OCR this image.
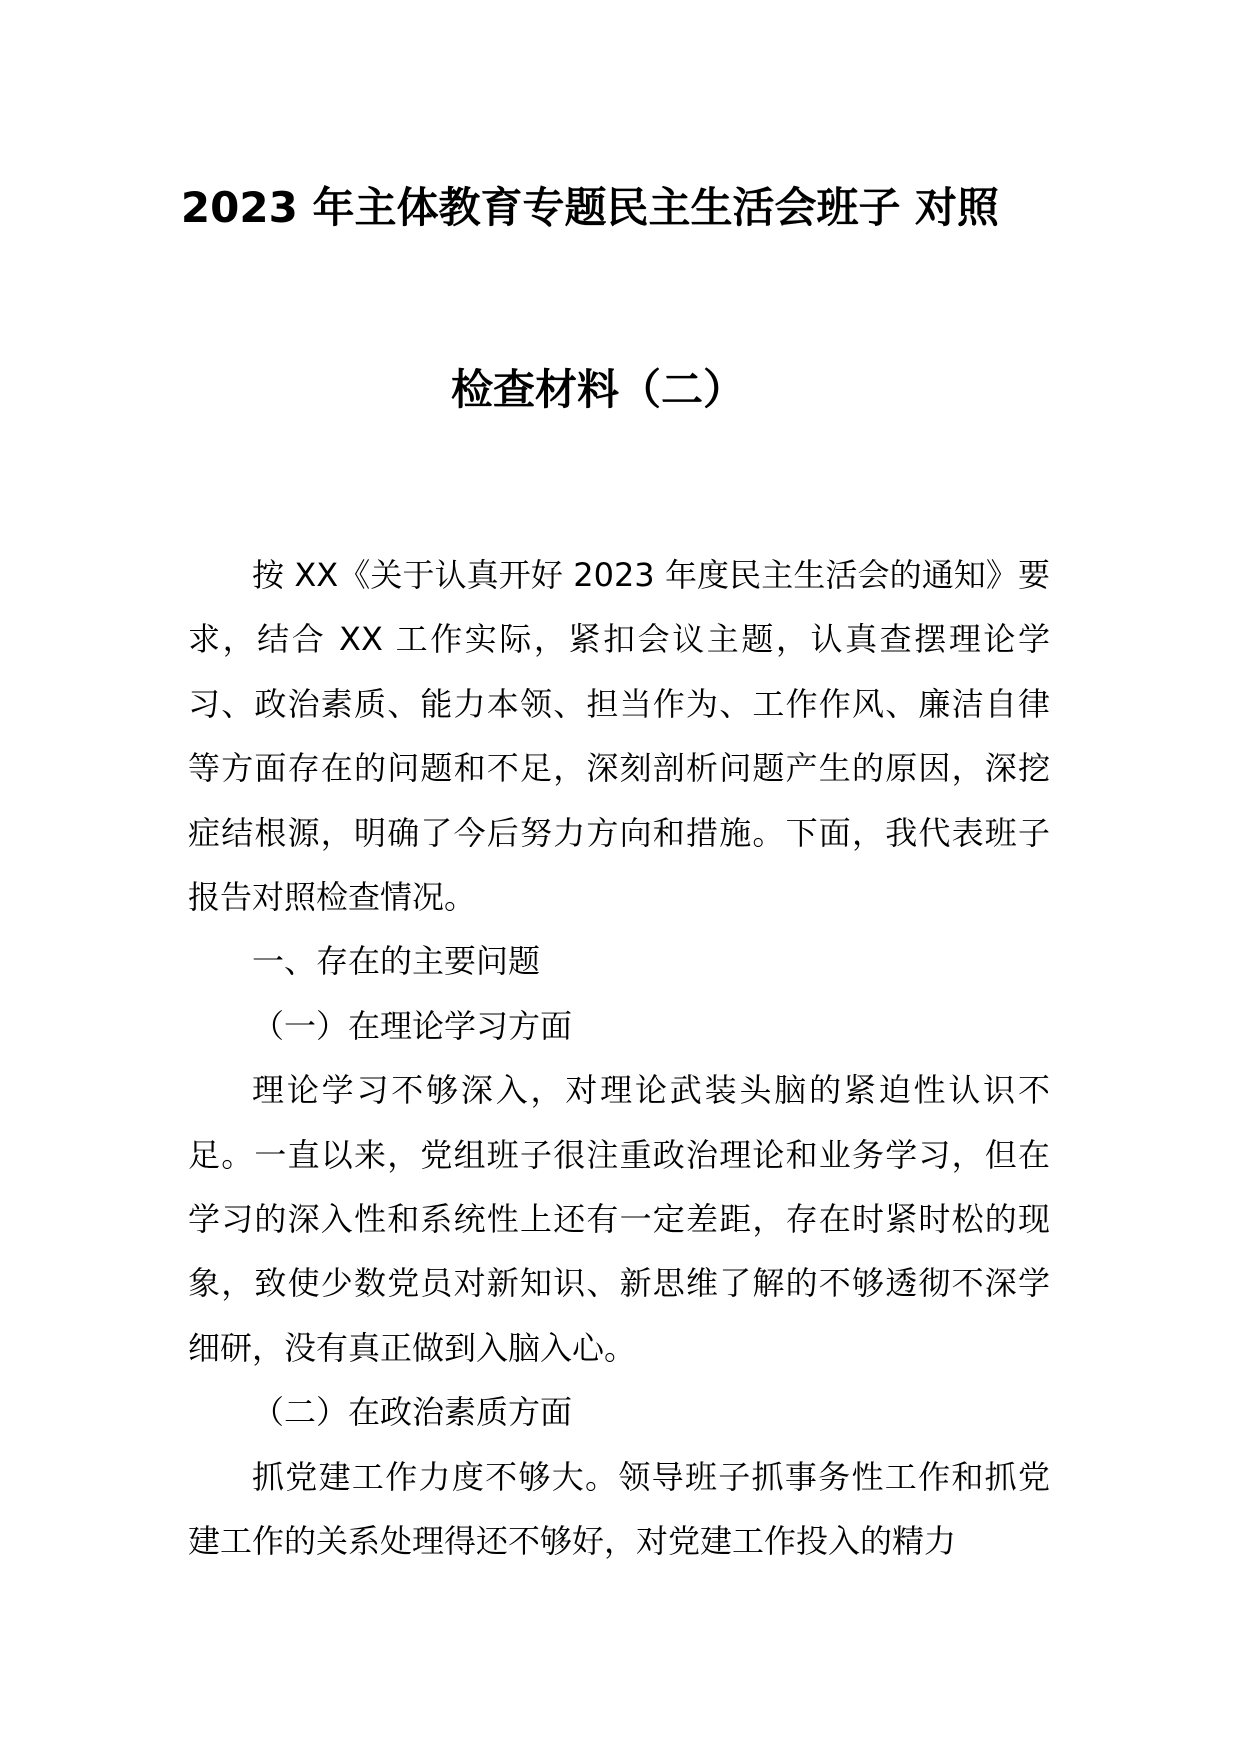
2023 年主体教育专题民主生活会班子 对照
检查材料（二）

按 XX《关于认真开好 2023 年度民主生活会的通知》要求，结合 XX 工作实际，紧扣会议主题，认真查摆理论学习、政治素质、能力本领、担当作为、工作作风、廉洁自律等方面存在的问题和不足，深刻剖析问题产生的原因，深挖症结根源，明确了今后努力方向和措施。下面，我代表班子报告对照检查情况。

一、存在的主要问题

（一）在理论学习方面

理论学习不够深入，对理论武装头脑的紧迫性认识不足。一直以来，党组班子很注重政治理论和业务学习，但在学习的深入性和系统性上还有一定差距，存在时紧时松的现象，致使少数党员对新知识、新思维了解的不够透彻不深学细研，没有真正做到入脑入心。

（二）在政治素质方面

抓党建工作力度不够大。领导班子抓事务性工作和抓党建工作的关系处理得还不够好，对党建工作投入的精力
